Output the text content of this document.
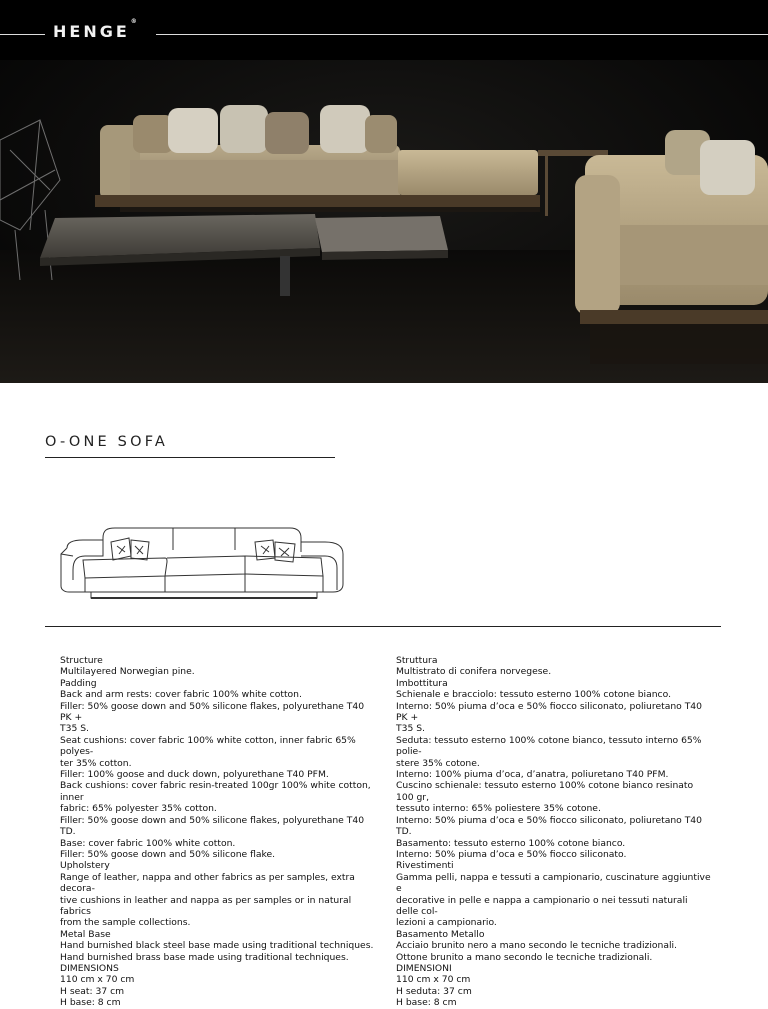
HENGE®
O-ONE SOFA

Structure

Multilayered Norwegian pine.

Padding

Back and arm rests: cover fabric 100% white cotton.

Filler: 50% goose down and 50% silicone flakes, polyurethane T40 PK +

T35 S.

Seat cushions: cover fabric 100% white cotton, inner fabric 65% polyes-

ter 35% cotton.

Filler: 100% goose and duck down, polyurethane T40 PFM.

Back cushions: cover fabric resin-treated 100gr 100% white cotton, inner

fabric: 65% polyester 35% cotton.

Filler: 50% goose down and 50% silicone flakes, polyurethane T40 TD.

Base: cover fabric 100% white cotton.

Filler: 50% goose down and 50% silicone flake.

Upholstery

Range of leather, nappa and other fabrics as per samples, extra decora-

tive cushions in leather and nappa as per samples or in natural fabrics

from the sample collections.

Metal Base

Hand burnished black steel base made using traditional techniques.

Hand burnished brass base made using traditional techniques.

DIMENSIONS

110 cm x 70 cm

H seat: 37 cm

H base: 8 cm

Struttura

Multistrato di conifera norvegese.

Imbottitura

Schienale e bracciolo: tessuto esterno 100% cotone bianco.

Interno: 50% piuma d’oca e 50% fiocco siliconato, poliuretano T40 PK +

T35 S.

Seduta: tessuto esterno 100% cotone bianco, tessuto interno 65% polie-

stere 35% cotone.

Interno: 100% piuma d’oca, d’anatra, poliuretano T40 PFM.

Cuscino schienale: tessuto esterno 100% cotone bianco resinato 100 gr,

tessuto interno: 65% poliestere 35% cotone.

Interno: 50% piuma d’oca e 50% fiocco siliconato, poliuretano T40 TD.

Basamento: tessuto esterno 100% cotone bianco.

Interno: 50% piuma d’oca e 50% fiocco siliconato.

Rivestimenti

Gamma pelli, nappa e tessuti a campionario, cuscinature aggiuntive e

decorative in pelle e nappa a campionario o nei tessuti naturali delle col-

lezioni a campionario.

Basamento Metallo

Acciaio brunito nero a mano secondo le tecniche tradizionali.

Ottone brunito a mano secondo le tecniche tradizionali.

DIMENSIONI

110 cm x 70 cm

H seduta: 37 cm

H base: 8 cm
